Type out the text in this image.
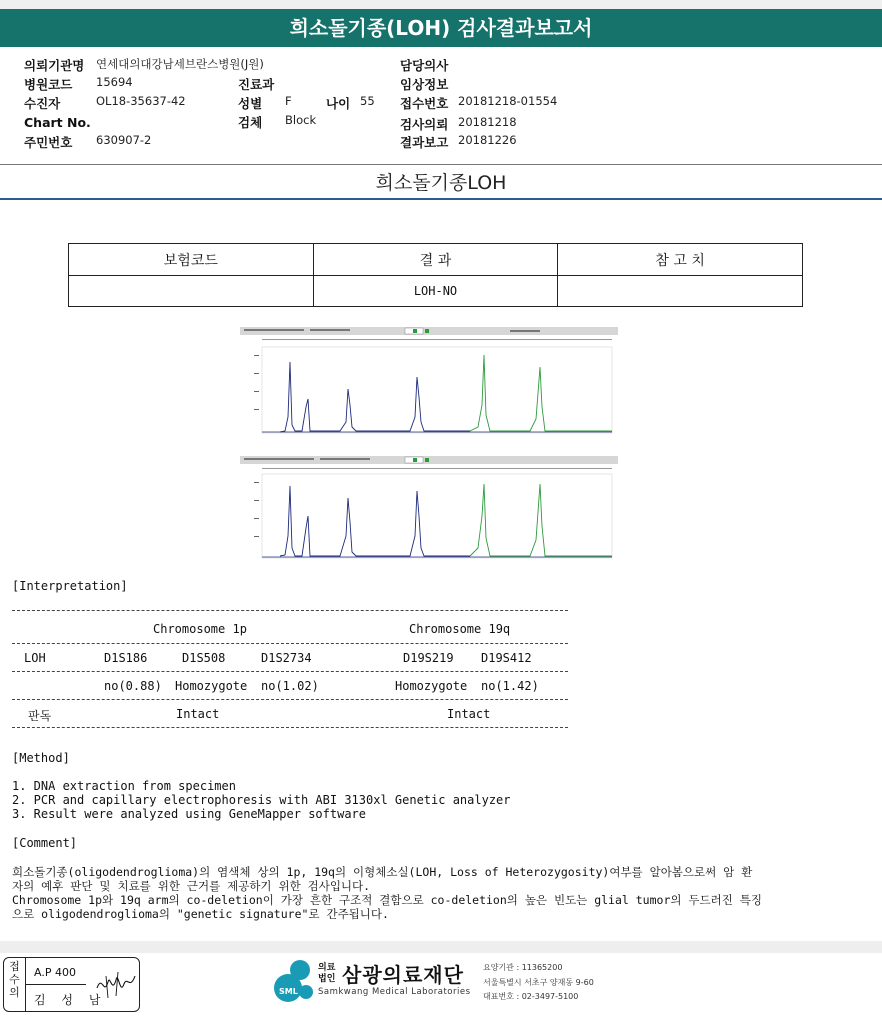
희소돌기종(LOH) 검사결과보고서
의뢰기관명 연세대의대강남세브란스병원(J원)
병원코드 15694	진료과
수진자	OL18-35637-42	성별 F	나이 55
Chart No.	검체 Block
주민번호 630907-2
담당의사
임상정보
접수번호 20181218-01554
검사의뢰 20181218
결과보고 20181226
희소돌기종LOH
보험코드	결 과	참 고 치
	LOH-NO	
[Interpretation]
Chromosome 1p	Chromosome 19q
LOH	D1S186	D1S508	D1S2734	D19S219 D19S412
no(0.88) Homozygote no(1.02)	Homozygote no(1.42)
판독	Intact	Intact
[Method]
1. DNA extraction from specimen
2. PCR and capillary electrophoresis with ABI 3130xl Genetic analyzer
3. Result were analyzed using GeneMapper software
[Comment]
희소돌기종(oligodendroglioma)의 염색체 상의 1p, 19q의 이형체소실(LOH, Loss of Heterozygosity)여부를 알아봄으로써 암 환
자의 예후 판단 및 치료를 위한 근거를 제공하기 위한 검사입니다.
Chromosome 1p와 19q arm의 co-deletion이 가장 흔한 구조적 결함으로 co-deletion의 높은 빈도는 glial tumor의 두드러진 특징
으로 oligodendroglioma의 "genetic signature"로 간주됩니다.
접
수
의
A.P 400
김 성 남
SML
의료
법인 삼광의료재단
Samkwang Medical Laboratories
요양기관 : 11365200
서울특별시 서초구 양재동 9-60
대표번호 : 02-3497-5100
